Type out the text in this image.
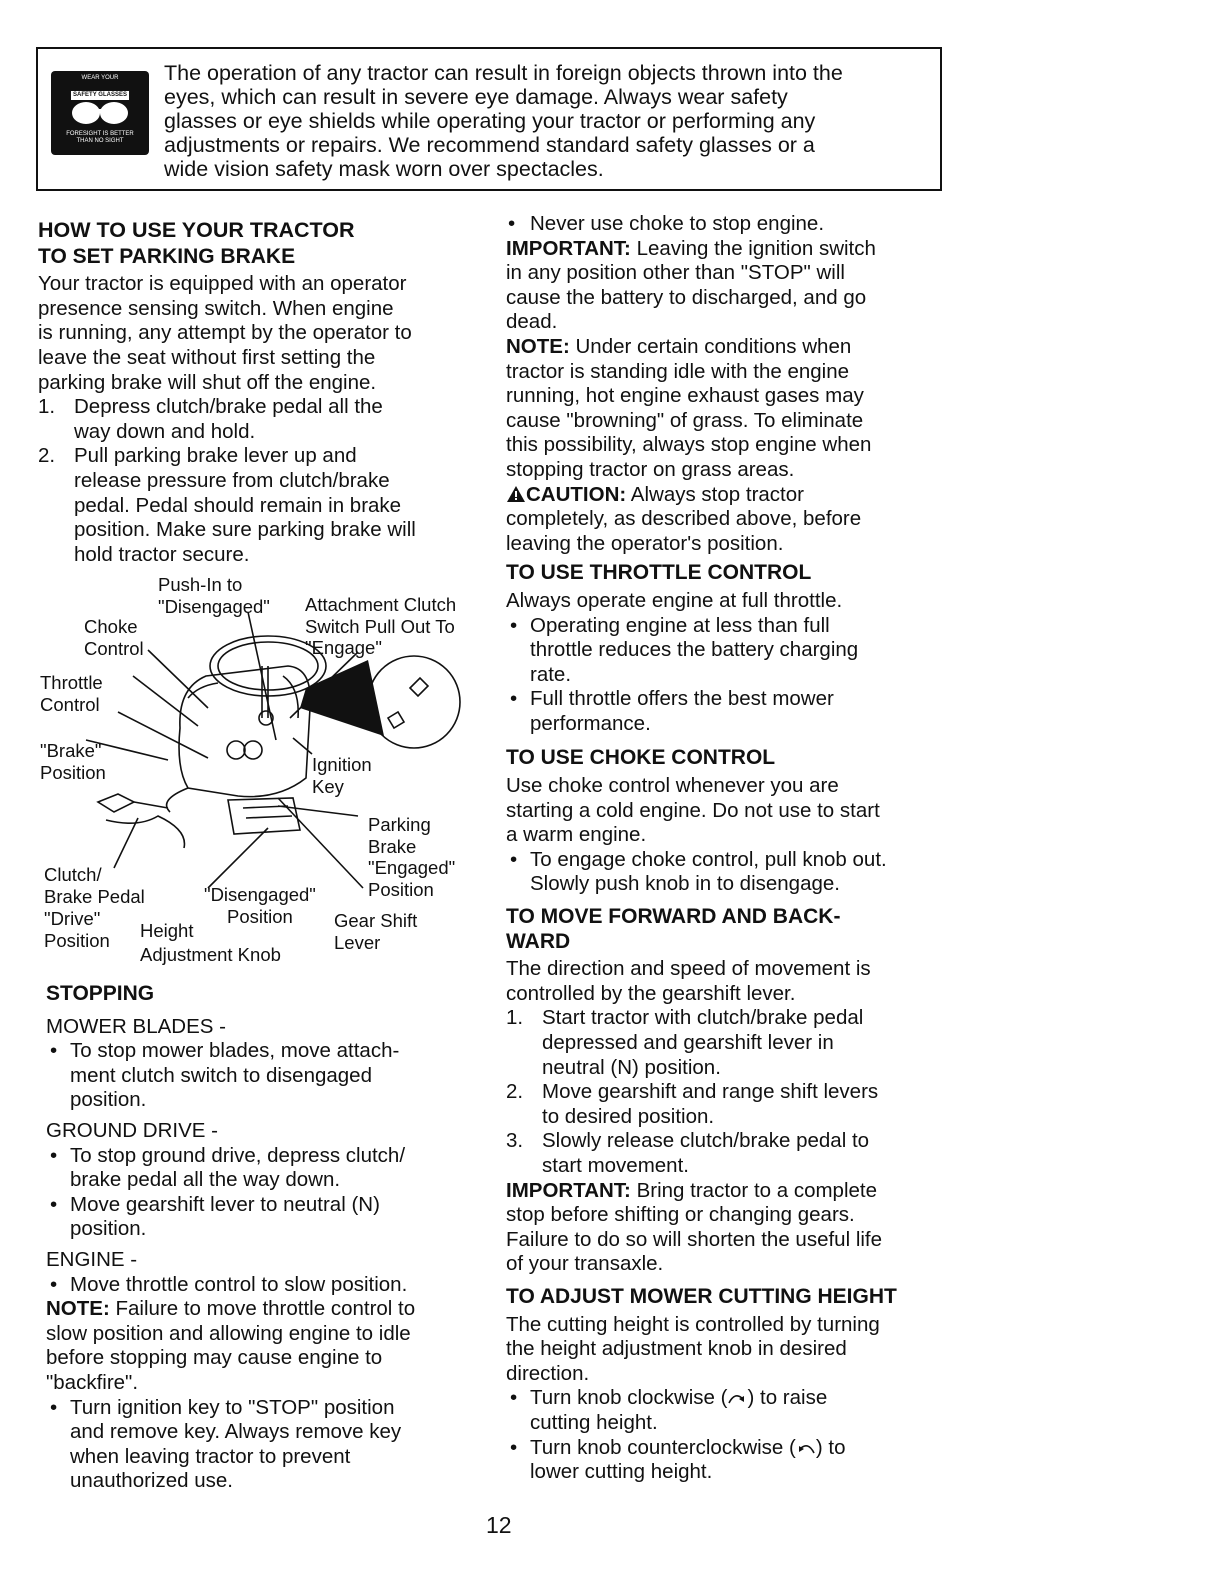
WEAR YOUR
SAFETY GLASSES
FORESIGHT IS BETTER
THAN NO SIGHT
The operation of any tractor can result in foreign objects thrown into the
eyes, which can result in severe eye damage. Always wear safety
glasses or eye shields while operating your tractor or performing any
adjustments or repairs. We recommend standard safety glasses or a
wide vision safety mask worn over spectacles.

HOW TO USE YOUR TRACTOR

TO SET PARKING BRAKE

Your tractor is equipped with an operator
presence sensing switch. When engine
is running, any attempt by the operator to
leave the seat without first setting the
parking brake will shut off the engine.

1. Depress clutch/brake pedal all the
way down and hold.
2. Pull parking brake lever up and
release pressure from clutch/brake
pedal. Pedal should remain in brake
position. Make sure parking brake will
hold tractor secure.
Push-In to
"Disengaged" Attachment Clutch
Switch Pull Out To
"Engage"
Choke
Control
Throttle
Control
"Brake"
Position	Ignition
Key
Parking
Brake
"Engaged"
Position
Clutch/
Brake Pedal
"Drive"
Position
"Disengaged"
Position
Height
Adjustment Knob
Gear Shift
Lever

STOPPING

MOWER BLADES -

• To stop mower blades, move attach-
ment clutch switch to disengaged
position.

GROUND DRIVE -

• To stop ground drive, depress clutch/
brake pedal all the way down.
• Move gearshift lever to neutral (N)
position.

ENGINE -

• Move throttle control to slow position.

NOTE: Failure to move throttle control to
slow position and allowing engine to idle
before stopping may cause engine to
"backfire".

• Turn ignition key to "STOP" position
and remove key. Always remove key
when leaving tractor to prevent
unauthorized use.
• Never use choke to stop engine.

IMPORTANT: Leaving the ignition switch
in any position other than "STOP" will
cause the battery to discharged, and go
dead.

NOTE: Under certain conditions when
tractor is standing idle with the engine
running, hot engine exhaust gases may
cause "browning" of grass. To eliminate
this possibility, always stop engine when
stopping tractor on grass areas.

CAUTION: Always stop tractor
completely, as described above, before
leaving the operator's position.

TO USE THROTTLE CONTROL

Always operate engine at full throttle.

• Operating engine at less than full
throttle reduces the battery charging
rate.
• Full throttle offers the best mower
performance.

TO USE CHOKE CONTROL

Use choke control whenever you are
starting a cold engine. Do not use to start
a warm engine.

• To engage choke control, pull knob out.
Slowly push knob in to disengage.

TO MOVE FORWARD AND BACK-
WARD

The direction and speed of movement is
controlled by the gearshift lever.

1. Start tractor with clutch/brake pedal
depressed and gearshift lever in
neutral (N) position.
2. Move gearshift and range shift levers
to desired position.
3. Slowly release clutch/brake pedal to
start movement.

IMPORTANT: Bring tractor to a complete
stop before shifting or changing gears.
Failure to do so will shorten the useful life
of your transaxle.

TO ADJUST MOWER CUTTING HEIGHT

The cutting height is controlled by turning
the height adjustment knob in desired
direction.

• Turn knob clockwise ( ) to raise
cutting height.
• Turn knob counterclockwise ( ) to
lower cutting height.
12
